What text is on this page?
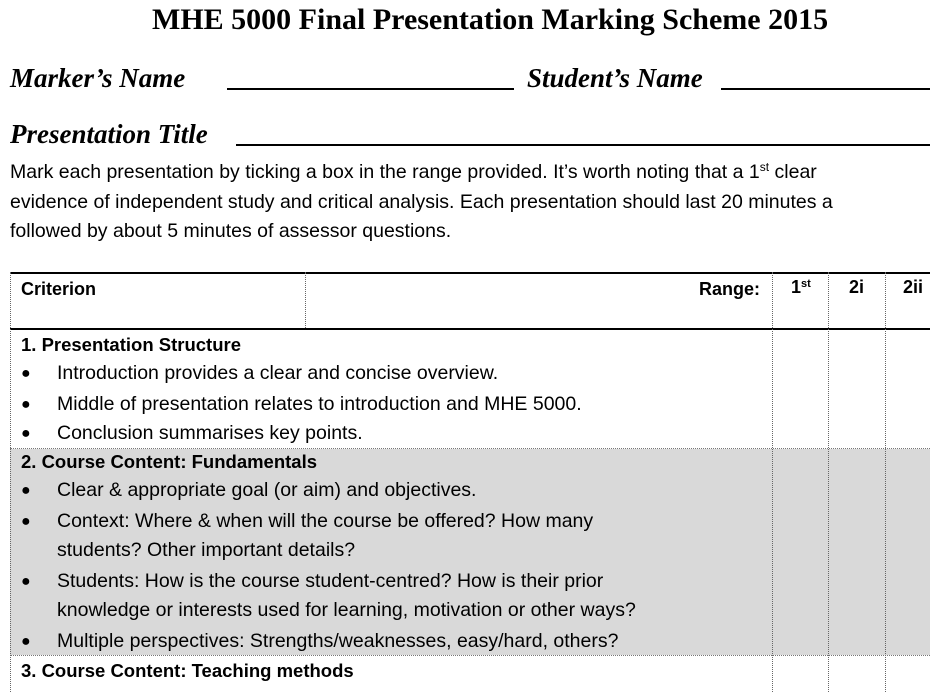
MHE 5000 Final Presentation Marking Scheme 2015
Marker’s Name	Student’s Name
Presentation Title

Mark each presentation by ticking a box in the range provided. It’s worth noting that a 1st clear

evidence of independent study and critical analysis. Each presentation should last 20 minutes a

followed by about 5 minutes of assessor questions.

Criterion	Range: 1st 2i 2ii
1. Presentation Structure
● Introduction provides a clear and concise overview.
● Middle of presentation relates to introduction and MHE 5000.
● Conclusion summarises key points.
2. Course Content: Fundamentals
● Clear & appropriate goal (or aim) and objectives.
● Context: Where & when will the course be offered? How many
students? Other important details?
● Students: How is the course student-centred? How is their prior
knowledge or interests used for learning, motivation or other ways?
● Multiple perspectives: Strengths/weaknesses, easy/hard, others?
3. Course Content: Teaching methods
